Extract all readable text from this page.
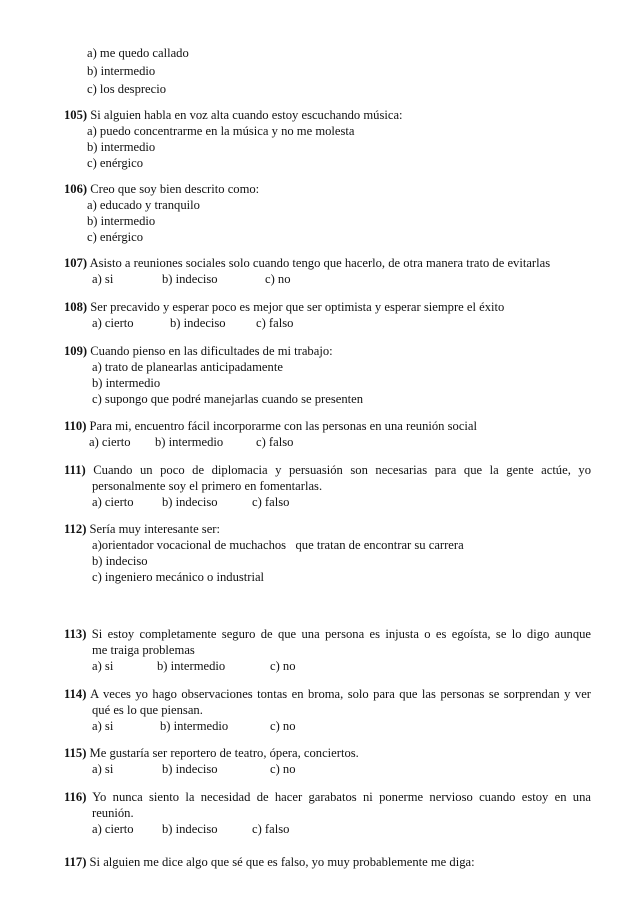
a) me quedo callado
b) intermedio
c) los desprecio
105) Si alguien habla en voz alta cuando estoy escuchando música:
a) puedo concentrarme en la música y no me molesta
b) intermedio
c) enérgico
106) Creo que soy bien descrito como:
a) educado y tranquilo
b) intermedio
c) enérgico
107) Asisto a reuniones sociales solo cuando tengo que hacerlo, de otra manera trato de evitarlas
a) si	b) indeciso	c) no
108) Ser precavido y esperar poco es mejor que ser optimista y esperar siempre el éxito
a) cierto	b) indeciso c) falso
109) Cuando pienso en las dificultades de mi trabajo:
a) trato de planearlas anticipadamente
b) intermedio
c) supongo que podré manejarlas cuando se presenten
110) Para mi, encuentro fácil incorporarme con las personas en una reunión social
a) cierto b) intermedio	c) falso
111) Cuando un poco de diplomacia y persuasión son necesarias para que la gente actúe, yo
personalmente soy el primero en fomentarlas.
a) cierto b) indeciso	c) falso
112) Sería muy interesante ser:
a)orientador vocacional de muchachos   que tratan de encontrar su carrera
b) indeciso
c) ingeniero mecánico o industrial
113) Si estoy completamente seguro de que una persona es injusta o es egoísta, se lo digo aunque
me traiga problemas
a) si	b) intermedio	c) no
114) A veces yo hago observaciones tontas en broma, solo para que las personas se sorprendan y ver
qué es lo que piensan.
a) si	b) intermedio	c) no
115) Me gustaría ser reportero de teatro, ópera, conciertos.
a) si	b) indeciso	c) no
116) Yo nunca siento la necesidad de hacer garabatos ni ponerme nervioso cuando estoy en una
reunión.
a) cierto b) indeciso	c) falso
117) Si alguien me dice algo que sé que es falso, yo muy probablemente me diga:
